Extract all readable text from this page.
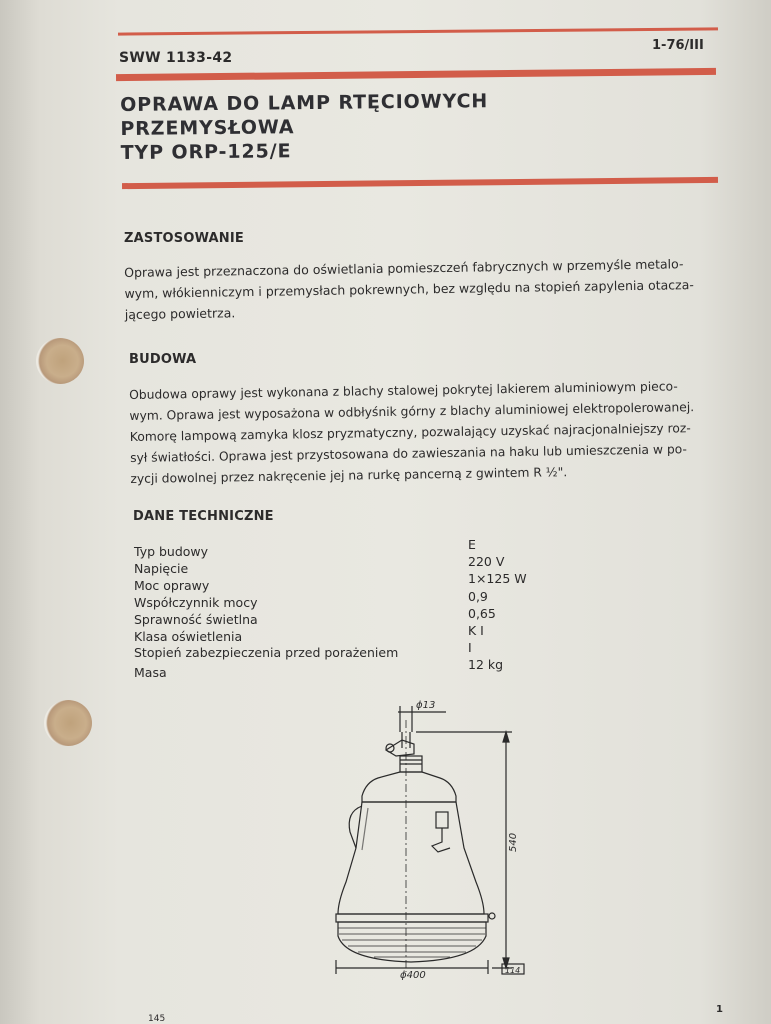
SWW 1133-42
1-76/III
OPRAWA DO LAMP RTĘCIOWYCH
PRZEMYSŁOWA
TYP ORP-125/E
ZASTOSOWANIE

Oprawa jest przeznaczona do oświetlania pomieszczeń fabrycznych w przemyśle metalo-

wym, włókienniczym i przemysłach pokrewnych, bez względu na stopień zapylenia otacza-

jącego powietrza.

BUDOWA

Obudowa oprawy jest wykonana z blachy stalowej pokrytej lakierem aluminiowym pieco-

wym. Oprawa jest wyposażona w odbłyśnik górny z blachy aluminiowej elektropolerowanej.

Komorę lampową zamyka klosz pryzmatyczny, pozwalający uzyskać najracjonalniejszy roz-

sył światłości. Oprawa jest przystosowana do zawieszania na haku lub umieszczenia w po-

zycji dowolnej przez nakręcenie jej na rurkę pancerną z gwintem R ½".

DANE TECHNICZNE
Typ budowy
Napięcie
Moc oprawy
Współczynnik mocy
Sprawność świetlna
Klasa oświetlenia
Stopień zabezpieczenia przed porażeniem
Masa
E
220 V
1×125 W
0,9
0,65
K I
I
12 kg
ϕ13
540
ϕ400	114
145
1
